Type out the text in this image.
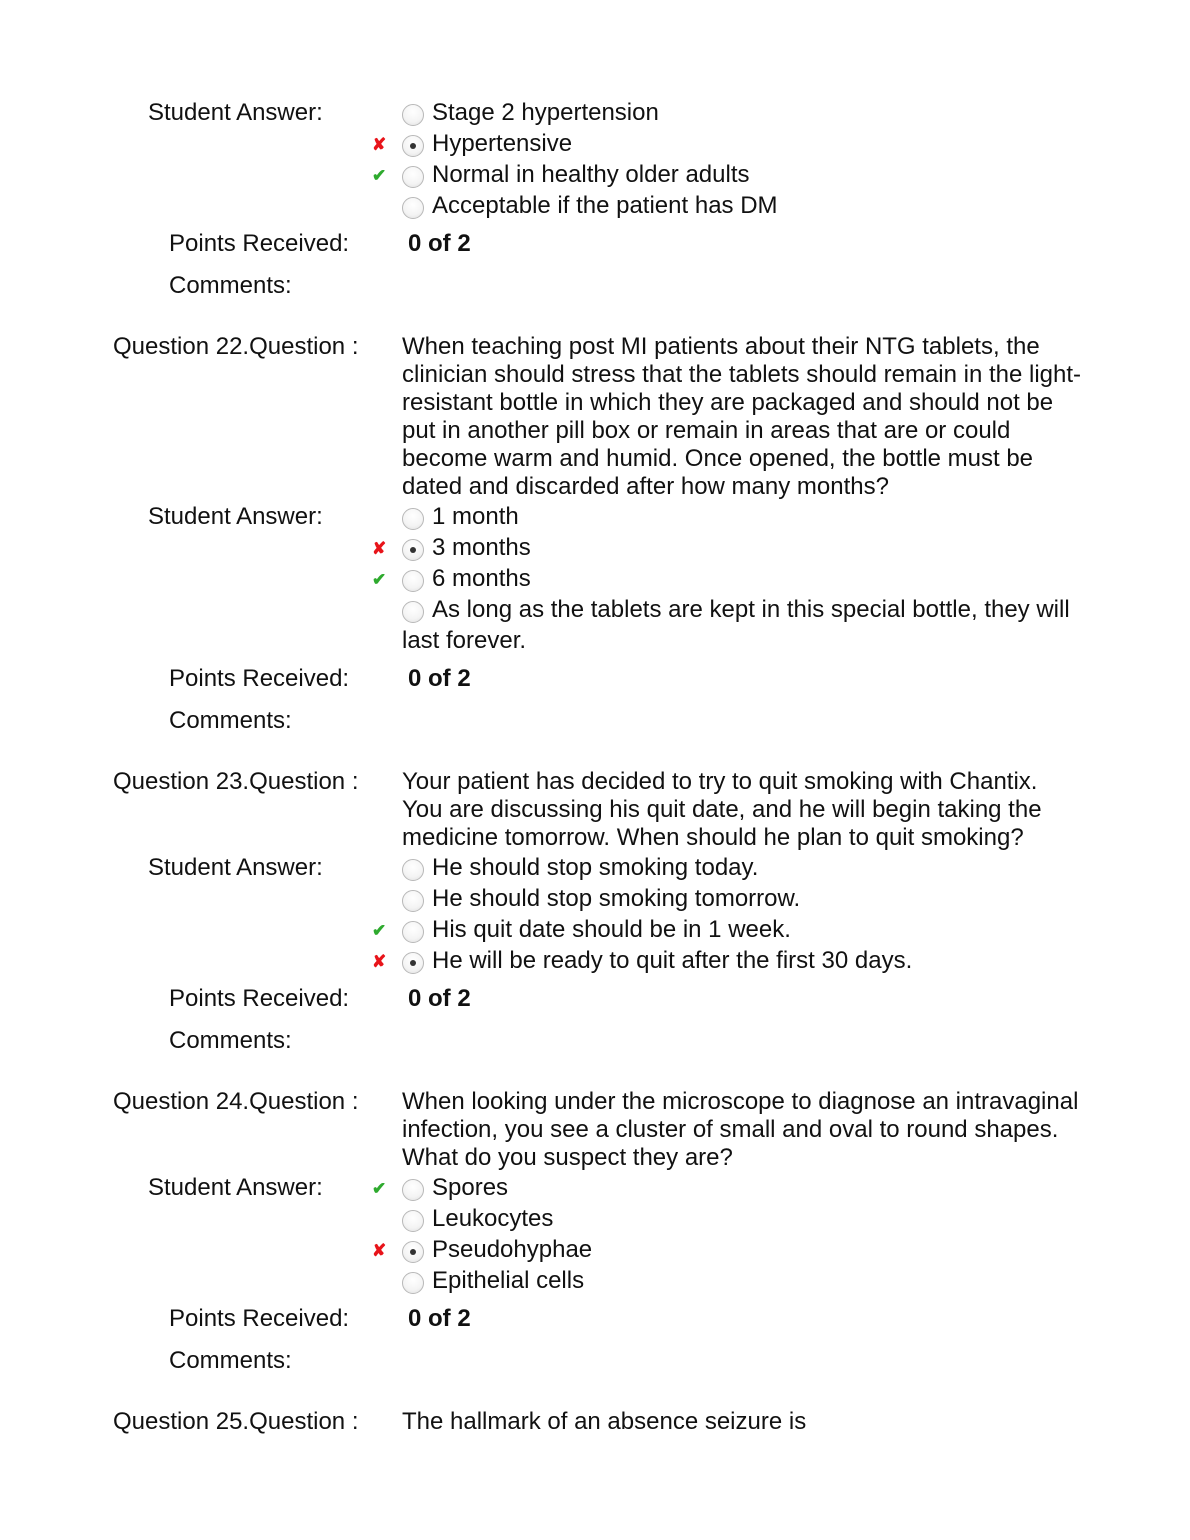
Student Answer:	Stage 2 hypertension
✘ Hypertensive
✔ Normal in healthy older adults
Acceptable if the patient has DM
Points Received: 0 of 2
Comments:
Question 22.Question : When teaching post MI patients about their NTG tablets, the clinician should stress that the tablets should remain in the light-resistant bottle in which they are packaged and should not be put in another pill box or remain in areas that are or could become warm and humid. Once opened, the bottle must be dated and discarded after how many months?
Student Answer:	1 month
✘ 3 months
✔ 6 months
As long as the tablets are kept in this special bottle, they will last forever.
Points Received: 0 of 2
Comments:
Question 23.Question : Your patient has decided to try to quit smoking with Chantix. You are discussing his quit date, and he will begin taking the medicine tomorrow. When should he plan to quit smoking?
Student Answer:	He should stop smoking today.
He should stop smoking tomorrow.
✔ His quit date should be in 1 week.
✘ He will be ready to quit after the first 30 days.
Points Received: 0 of 2
Comments:
Question 24.Question : When looking under the microscope to diagnose an intravaginal infection, you see a cluster of small and oval to round shapes. What do you suspect they are?
Student Answer:	✔ Spores
Leukocytes
✘ Pseudohyphae
Epithelial cells
Points Received: 0 of 2
Comments:
Question 25.Question : The hallmark of an absence seizure is
